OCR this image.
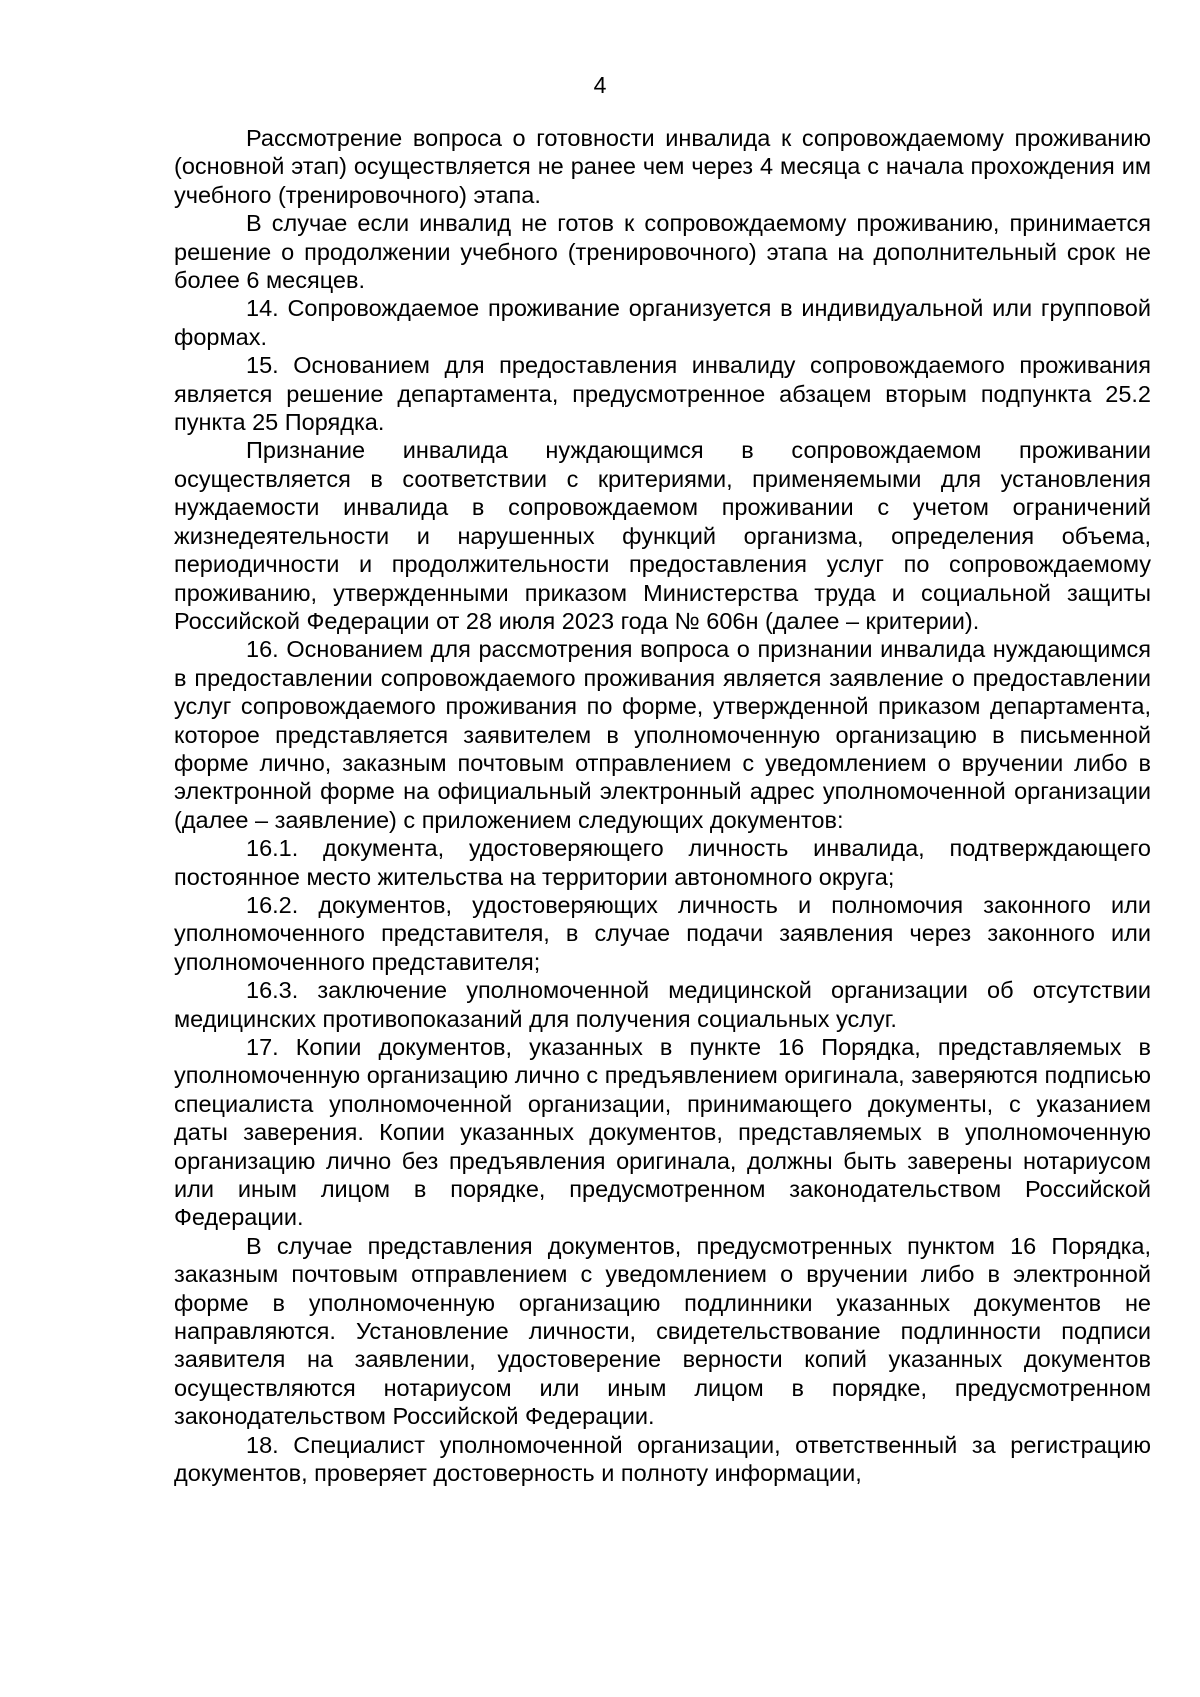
4

Рассмотрение вопроса о готовности инвалида к сопровождаемому проживанию (основной этап) осуществляется не ранее чем через 4 месяца с начала прохождения им учебного (тренировочного) этапа.

В случае если инвалид не готов к сопровождаемому проживанию, принимается решение о продолжении учебного (тренировочного) этапа на дополнительный срок не более 6 месяцев.

14. Сопровождаемое проживание организуется в индивидуальной или групповой формах.

15. Основанием для предоставления инвалиду сопровождаемого проживания является решение департамента, предусмотренное абзацем вторым подпункта 25.2 пункта 25 Порядка.

Признание инвалида нуждающимся в сопровождаемом проживании осуществляется в соответствии с критериями, применяемыми для установления нуждаемости инвалида в сопровождаемом проживании с учетом ограничений жизнедеятельности и нарушенных функций организма, определения объема, периодичности и продолжительности предоставления услуг по сопровождаемому проживанию, утвержденными приказом Министерства труда и социальной защиты Российской Федерации от 28 июля 2023 года № 606н (далее – критерии).

16. Основанием для рассмотрения вопроса о признании инвалида нуждающимся в предоставлении сопровождаемого проживания является заявление о предоставлении услуг сопровождаемого проживания по форме, утвержденной приказом департамента, которое представляется заявителем в уполномоченную организацию в письменной форме лично, заказным почтовым отправлением с уведомлением о вручении либо в электронной форме на официальный электронный адрес уполномоченной организации (далее – заявление) с приложением следующих документов:

16.1. документа, удостоверяющего личность инвалида, подтверждающего постоянное место жительства на территории автономного округа;

16.2. документов, удостоверяющих личность и полномочия законного или уполномоченного представителя, в случае подачи заявления через законного или уполномоченного представителя;

16.3. заключение уполномоченной медицинской организации об отсутствии медицинских противопоказаний для получения социальных услуг.

17. Копии документов, указанных в пункте 16 Порядка, представляемых в уполномоченную организацию лично с предъявлением оригинала, заверяются подписью специалиста уполномоченной организации, принимающего документы, с указанием даты заверения. Копии указанных документов, представляемых в уполномоченную организацию лично без предъявления оригинала, должны быть заверены нотариусом или иным лицом в порядке, предусмотренном законодательством Российской Федерации.

В случае представления документов, предусмотренных пунктом 16 Порядка, заказным почтовым отправлением с уведомлением о вручении либо в электронной форме в уполномоченную организацию подлинники указанных документов не направляются. Установление личности, свидетельствование подлинности подписи заявителя на заявлении, удостоверение верности копий указанных документов осуществляются нотариусом или иным лицом в порядке, предусмотренном законодательством Российской Федерации.

18. Специалист уполномоченной организации, ответственный за регистрацию документов, проверяет достоверность и полноту информации,
